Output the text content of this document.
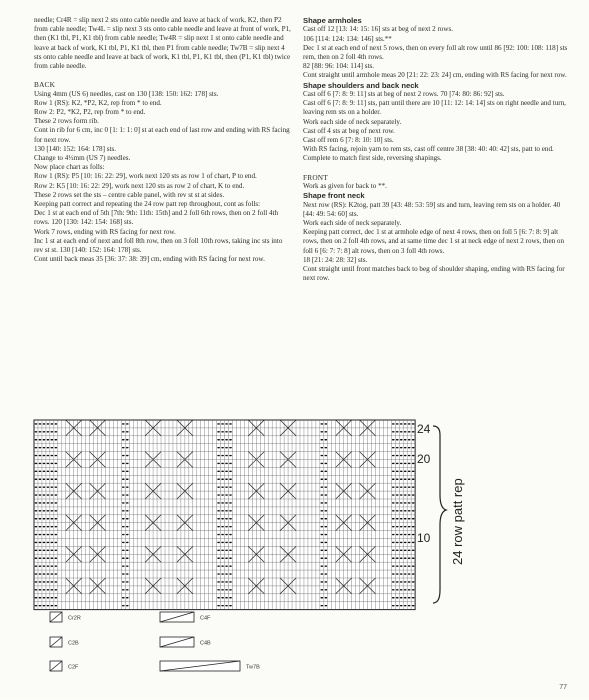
needle; Cr4R = slip next 2 sts onto cable needle and leave at back of work, K2, then P2 from cable needle; Tw4L = slip next 3 sts onto cable needle and leave at front of work, P1, then (K1 tbl, P1, K1 tbl) from cable needle; Tw4R = slip next 1 st onto cable needle and leave at back of work, K1 tbl, P1, K1 tbl, then P1 from cable needle; Tw7B = slip next 4 sts onto cable needle and leave at back of work, K1 tbl, P1, K1 tbl, then (P1, K1 tbl) twice from cable needle.

BACK

Using 4mm (US 6) needles, cast on 130 [138: 150: 162: 178] sts.

Row 1 (RS): K2, *P2, K2, rep from * to end.

Row 2: P2, *K2, P2, rep from * to end.

These 2 rows form rib.

Cont in rib for 6 cm, inc 0 [1: 1: 1: 0] st at each end of last row and ending with RS facing for next row.

130 [140: 152: 164: 178] sts.

Change to 4½mm (US 7) needles.

Now place chart as folls:

Row 1 (RS): P5 [10: 16: 22: 29], work next 120 sts as row 1 of chart, P to end.

Row 2: K5 [10: 16: 22: 29], work next 120 sts as row 2 of chart, K to end.

These 2 rows set the sts – centre cable panel, with rev st st at sides.

Keeping patt correct and repeating the 24 row patt rep throughout, cont as folls:

Dec 1 st at each end of 5th [7th: 9th: 11th: 15th] and 2 foll 6th rows, then on 2 foll 4th rows. 120 [130: 142: 154: 168] sts.

Work 7 rows, ending with RS facing for next row.

Inc 1 st at each end of next and foll 8th row, then on 3 foll 10th rows, taking inc sts into rev st st. 130 [140: 152: 164: 178] sts.

Cont until back meas 35 [36: 37: 38: 39] cm, ending with RS facing for next row.

Shape armholes

Cast off 12 [13: 14: 15: 16] sts at beg of next 2 rows.

106 [114: 124: 134: 146] sts.**

Dec 1 st at each end of next 5 rows, then on every foll alt row until 86 [92: 100: 108: 118] sts rem, then on 2 foll 4th rows.

82 [88: 96: 104: 114] sts.

Cont straight until armhole meas 20 [21: 22: 23: 24] cm, ending with RS facing for next row.

Shape shoulders and back neck

Cast off 6 [7: 8: 9: 11] sts at beg of next 2 rows. 70 [74: 80: 86: 92] sts.

Cast off 6 [7: 8: 9: 11] sts, patt until there are 10 [11: 12: 14: 14] sts on right needle and turn, leaving rem sts on a holder.

Work each side of neck separately.

Cast off 4 sts at beg of next row.

Cast off rem 6 [7: 8: 10: 10] sts.

With RS facing, rejoin yarn to rem sts, cast off centre 38 [38: 40: 40: 42] sts, patt to end.

Complete to match first side, reversing shapings.

FRONT

Work as given for back to **.

Shape front neck

Next row (RS): K2tog, patt 39 [43: 48: 53: 59] sts and turn, leaving rem sts on a holder. 40 [44: 49: 54: 60] sts.

Work each side of neck separately.

Keeping patt correct, dec 1 st at armhole edge of next 4 rows, then on foll 5 [6: 7: 8: 9] alt rows, then on 2 foll 4th rows, and at same time dec 1 st at neck edge of next 2 rows, then on foll 6 [6: 7: 7: 8] alt rows, then on 3 foll 4th rows.

18 [21: 24: 28: 32] sts.

Cont straight until front matches back to beg of shoulder shaping, ending with RS facing for next row.

24
20
10 24 row patt rep
Cr2R
C2B
C2F
C4F
C4B
Tw7B
77
